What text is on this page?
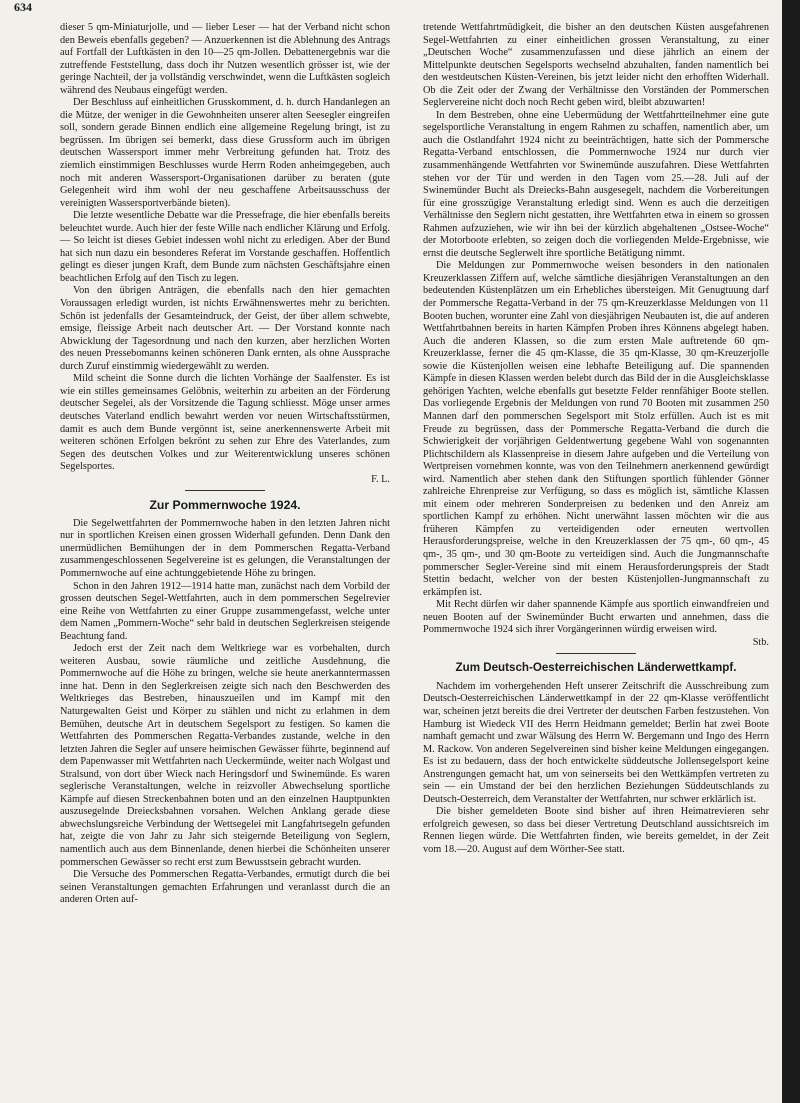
634

dieser 5 qm-Miniaturjolle, und — lieber Leser — hat der Verband nicht schon den Beweis ebenfalls gegeben? — Anzuerkennen ist die Ablehnung des Antrags auf Fortfall der Luftkästen in den 10—25 qm-Jollen. Debattenergebnis war die zutreffende Feststellung, dass doch ihr Nutzen wesentlich grösser ist, wie der geringe Nachteil, der ja vollständig verschwindet, wenn die Luftkästen sogleich während des Neubaus eingefügt werden.

Der Beschluss auf einheitlichen Grusskomment, d. h. durch Handanlegen an die Mütze, der weniger in die Gewohnheiten unserer alten Seesegler eingreifen soll, sondern gerade Binnen endlich eine allgemeine Regelung bringt, ist zu begrüssen. Im übrigen sei bemerkt, dass diese Grussform auch im übrigen deutschen Wassersport immer mehr Verbreitung gefunden hat. Trotz des ziemlich einstimmigen Beschlusses wurde Herrn Roden anheimgegeben, auch noch mit anderen Wassersport-Organisationen darüber zu beraten (gute Gelegenheit wird ihm wohl der neu geschaffene Arbeitsausschuss der vereinigten Wassersportverbände bieten).

Die letzte wesentliche Debatte war die Pressefrage, die hier ebenfalls bereits beleuchtet wurde. Auch hier der feste Wille nach endlicher Klärung und Erfolg. — So leicht ist dieses Gebiet indessen wohl nicht zu erledigen. Aber der Bund hat sich nun dazu ein besonderes Referat im Vorstande geschaffen. Hoffentlich gelingt es dieser jungen Kraft, dem Bunde zum nächsten Geschäftsjahre einen beachtlichen Erfolg auf den Tisch zu legen.

Von den übrigen Anträgen, die ebenfalls nach den hier gemachten Voraussagen erledigt wurden, ist nichts Erwähnenswertes mehr zu berichten. Schön ist jedenfalls der Gesamteindruck, der Geist, der über allem schwebte, emsige, fleissige Arbeit nach deutscher Art. — Der Vorstand konnte nach Abwicklung der Tagesordnung und nach den kurzen, aber herzlichen Worten des neuen Pressebomanns keinen schöneren Dank ernten, als ohne Aussprache durch Zuruf einstimmig wiedergewählt zu werden.

Mild scheint die Sonne durch die lichten Vorhänge der Saalfenster. Es ist wie ein stilles gemeinsames Gelöbnis, weiterhin zu arbeiten an der Förderung deutscher Segelei, als der Vorsitzende die Tagung schliesst. Möge unser armes deutsches Vaterland endlich bewahrt werden vor neuen Wirtschaftsstürmen, damit es auch dem Bunde vergönnt ist, seine anerkennenswerte Arbeit mit weiteren schönen Erfolgen bekrönt zu sehen zur Ehre des Vaterlandes, zum Segen des deutschen Volkes und zur Weiterentwicklung unseres schönen Segelsportes.

F. L.

Zur Pommernwoche 1924.

Die Segelwettfahrten der Pommernwoche haben in den letzten Jahren nicht nur in sportlichen Kreisen einen grossen Widerhall gefunden. Denn Dank den unermüdlichen Bemühungen der in dem Pommerschen Regatta-Verband zusammengeschlossenen Segelvereine ist es gelungen, die Veranstaltungen der Pommernwoche auf eine achtunggebietende Höhe zu bringen.

Schon in den Jahren 1912—1914 hatte man, zunächst nach dem Vorbild der grossen deutschen Segel-Wettfahrten, auch in dem pommerschen Segelrevier eine Reihe von Wettfahrten zu einer Gruppe zusammengefasst, welche unter dem Namen „Pommern-Woche“ sehr bald in deutschen Seglerkreisen steigende Beachtung fand.

Jedoch erst der Zeit nach dem Weltkriege war es vorbehalten, durch weiteren Ausbau, sowie räumliche und zeitliche Ausdehnung, die Pommernwoche auf die Höhe zu bringen, welche sie heute anerkanntermassen inne hat. Denn in den Seglerkreisen zeigte sich nach den Beschwerden des Weltkrieges das Bestreben, hinauszueilen und im Kampf mit den Naturgewalten Geist und Körper zu stählen und nicht zu erlahmen in dem Bemühen, deutsche Art in deutschem Segelsport zu festigen. So kamen die Wettfahrten des Pommerschen Regatta-Verbandes zustande, welche in den letzten Jahren die Segler auf unsere heimischen Gewässer führte, beginnend auf dem Papenwasser mit Wettfahrten nach Ueckermünde, weiter nach Wolgast und Stralsund, von dort über Wieck nach Heringsdorf und Swinemünde. Es waren seglerische Veranstaltungen, welche in reizvoller Abwechselung sportliche Kämpfe auf diesen Streckenbahnen boten und an den einzelnen Hauptpunkten auszusegelnde Dreiecksbahnen vorsahen. Welchen Anklang gerade diese abwechslungsreiche Verbindung der Wettsegelei mit Langfahrtsegeln gefunden hat, zeigte die von Jahr zu Jahr sich steigernde Beteiligung von Seglern, namentlich auch aus dem Binnenlande, denen hierbei die Schönheiten unserer pommerschen Gewässer so recht erst zum Bewusstsein gebracht wurden.

Die Versuche des Pommerschen Regatta-Verbandes, ermutigt durch die bei seinen Veranstaltungen gemachten Erfahrungen und veranlasst durch die an anderen Orten auf-

tretende Wettfahrtmüdigkeit, die bisher an den deutschen Küsten ausgefahrenen Segel-Wettfahrten zu einer einheitlichen grossen Veranstaltung, zu einer „Deutschen Woche“ zusammenzufassen und diese jährlich an einem der Mittelpunkte deutschen Segelsports wechselnd abzuhalten, fanden namentlich bei den westdeutschen Küsten-Vereinen, bis jetzt leider nicht den erhofften Widerhall. Ob die Zeit oder der Zwang der Verhältnisse den Vorständen der Pommerschen Seglervereine nicht doch noch Recht geben wird, bleibt abzuwarten!

In dem Bestreben, ohne eine Uebermüdung der Wettfahrtteilnehmer eine gute segelsportliche Veranstaltung in engem Rahmen zu schaffen, namentlich aber, um auch die Ostlandfahrt 1924 nicht zu beeinträchtigen, hatte sich der Pommersche Regatta-Verband entschlossen, die Pommernwoche 1924 nur durch vier zusammenhängende Wettfahrten vor Swinemünde auszufahren. Diese Wettfahrten stehen vor der Tür und werden in den Tagen vom 25.—28. Juli auf der Swinemünder Bucht als Dreiecks-Bahn ausgesegelt, nachdem die Vorbereitungen für eine grosszügige Veranstaltung erledigt sind. Wenn es auch die derzeitigen Verhältnisse den Seglern nicht gestatten, ihre Wettfahrten etwa in einem so grossen Rahmen aufzuziehen, wie wir ihn bei der kürzlich abgehaltenen „Ostsee-Woche“ der Motorboote erlebten, so zeigen doch die vorliegenden Melde-Ergebnisse, wie ernst die deutsche Seglerwelt ihre sportliche Betätigung nimmt.

Die Meldungen zur Pommernwoche weisen besonders in den nationalen Kreuzerklassen Ziffern auf, welche sämtliche diesjährigen Veranstaltungen an den bedeutenden Küstenplätzen um ein Erhebliches übersteigen. Mit Genugtuung darf der Pommersche Regatta-Verband in der 75 qm-Kreuzerklasse Meldungen von 11 Booten buchen, worunter eine Zahl von diesjährigen Neubauten ist, die auf anderen Wettfahrtbahnen bereits in harten Kämpfen Proben ihres Könnens abgelegt haben. Auch die anderen Klassen, so die zum ersten Male auftretende 60 qm-Kreuzerklasse, ferner die 45 qm-Klasse, die 35 qm-Klasse, 30 qm-Kreuzerjolle sowie die Küstenjollen weisen eine lebhafte Beteiligung auf. Die spannenden Kämpfe in diesen Klassen werden belebt durch das Bild der in die Ausgleichsklasse gehörigen Yachten, welche ebenfalls gut besetzte Felder rennfähiger Boote stellen. Das vorliegende Ergebnis der Meldungen von rund 70 Booten mit zusammen 250 Mannen darf den pommerschen Segelsport mit Stolz erfüllen. Auch ist es mit Freude zu begrüssen, dass der Pommersche Regatta-Verband die durch die Schwierigkeit der vorjährigen Geldentwertung gegebene Wahl von sogenannten Plichtschildern als Klassenpreise in diesem Jahre aufgeben und die Verteilung von Wertpreisen vornehmen konnte, was von den Teilnehmern anerkennend gewürdigt wird. Namentlich aber stehen dank den Stiftungen sportlich fühlender Gönner zahlreiche Ehrenpreise zur Verfügung, so dass es möglich ist, sämtliche Klassen mit einem oder mehreren Sonderpreisen zu bedenken und den Anreiz am sportlichen Kampf zu erhöhen. Nicht unerwähnt lassen möchten wir die aus früheren Kämpfen zu verteidigenden oder erneuten wertvollen Herausforderungspreise, welche in den Kreuzerklassen der 75 qm-, 60 qm-, 45 qm-, 35 qm-, und 30 qm-Boote zu verteidigen sind. Auch die Jungmannschafte pommerscher Segler-Vereine sind mit einem Herausforderungspreis der Stadt Stettin bedacht, welcher von der besten Küstenjollen-Jungmannschaft zu erkämpfen ist.

Mit Recht dürfen wir daher spannende Kämpfe aus sportlich einwandfreien und neuen Booten auf der Swinemünder Bucht erwarten und annehmen, dass die Pommernwoche 1924 sich ihrer Vorgängerinnen würdig erweisen wird.

Stb.

Zum Deutsch-Oesterreichischen Länderwettkampf.

Nachdem im vorhergehenden Heft unserer Zeitschrift die Ausschreibung zum Deutsch-Oesterreichischen Länderwettkampf in der 22 qm-Klasse veröffentlicht war, scheinen jetzt bereits die drei Vertreter der deutschen Farben festzustehen. Von Hamburg ist Wiedeck VII des Herrn Heidmann gemeldet; Berlin hat zwei Boote namhaft gemacht und zwar Wälsung des Herrn W. Bergemann und Ingo des Herrn M. Rackow. Von anderen Segelvereinen sind bisher keine Meldungen eingegangen. Es ist zu bedauern, dass der hoch entwickelte süddeutsche Jollensegelsport keine Anstrengungen gemacht hat, um von seinerseits bei den Wettkämpfen vertreten zu sein — ein Umstand der bei den herzlichen Beziehungen Süddeutschlands zu Deutsch-Oesterreich, dem Veranstalter der Wettfahrten, nur schwer erklärlich ist.

Die bisher gemeldeten Boote sind bisher auf ihren Heimatrevieren sehr erfolgreich gewesen, so dass bei dieser Vertretung Deutschland aussichtsreich im Rennen liegen würde. Die Wettfahrten finden, wie bereits gemeldet, in der Zeit vom 18.—20. August auf dem Wörther-See statt.
